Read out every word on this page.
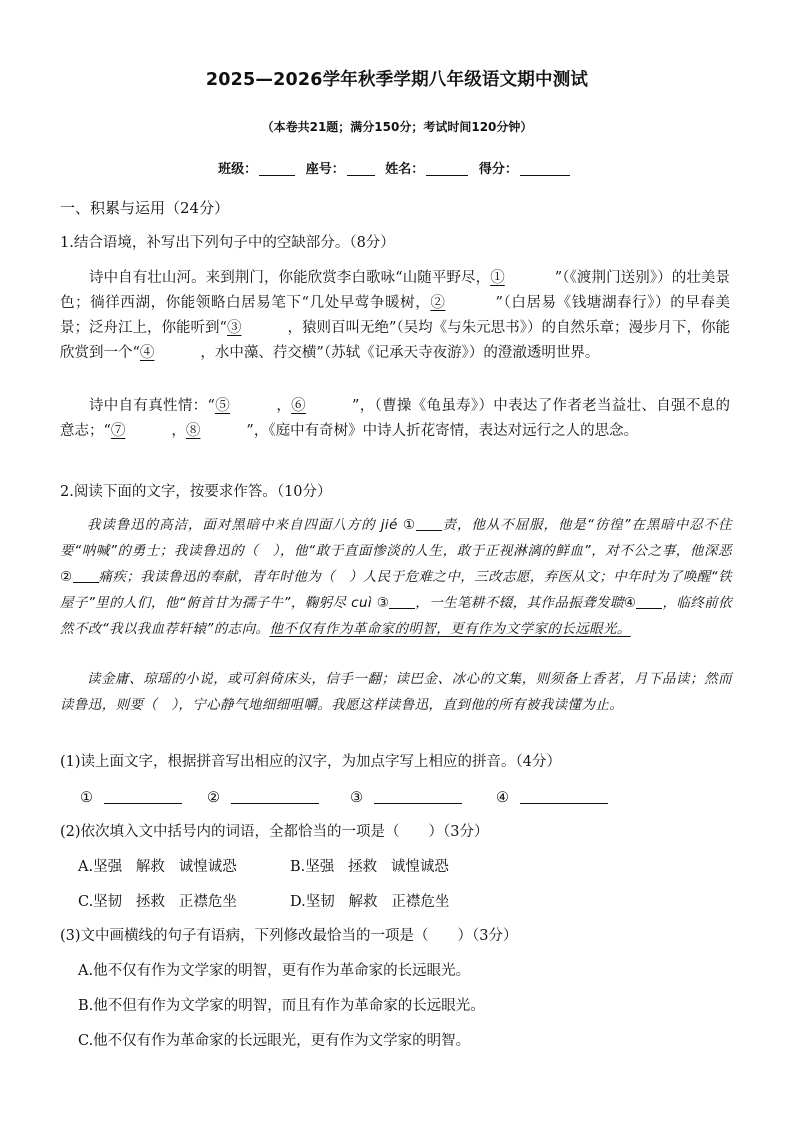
2025—2026学年秋季学期八年级语文期中测试
（本卷共21题；满分150分；考试时间120分钟）
班级：	座号：	姓名：	得分：
一、积累与运用（24分）
1.结合语境，补写出下列句子中的空缺部分。（8分）
诗中自有壮山河。来到荆门，你能欣赏李白歌咏“山随平野尽，①	”（《渡荆门送别》）的壮美景色；徜徉西湖，你能领略白居易笔下“几处早莺争暖树，②	”（白居易《钱塘湖春行》）的早春美景；泛舟江上，你能听到“③	，猿则百叫无绝”（吴均《与朱元思书》）的自然乐章；漫步月下，你能欣赏到一个“④	，水中藻、荇交横”（苏轼《记承天寺夜游》）的澄澈透明世界。
诗中自有真性情：“⑤	，⑥	”，（曹操《龟虽寿》）中表达了作者老当益壮、自强不息的意志；“⑦	，⑧	”，《庭中有奇树》中诗人折花寄情，表达对远行之人的思念。
2.阅读下面的文字，按要求作答。（10分）
我读鲁迅的高洁，面对黑暗中来自四面八方的 jié ① 责，他从不屈服，他是“彷徨”在黑暗中忍不住要“呐喊”的勇士；我读鲁迅的（　），他“敢于直面惨淡的人生，敢于正视淋漓的鲜血”，对不公之事，他深恶② 痛疾；我读鲁迅的奉献，青年时他为（　）人民于危难之中，三改志愿，弃医从文；中年时为了唤醒“铁屋子”里的人们，他“俯首甘为孺子牛”，鞠躬尽 cuì ③ ，一生笔耕不辍，其作品振聋发聩④ ，临终前依然不改“我以我血荐轩辕”的志向。他不仅有作为革命家的明智，更有作为文学家的长远眼光。
读金庸、琼瑶的小说，或可斜倚床头，信手一翻；读巴金、冰心的文集，则须备上香茗，月下品读；然而读鲁迅，则要（　），宁心静气地细细咀嚼。我愿这样读鲁迅，直到他的所有被我读懂为止。
(1)读上面文字，根据拼音写出相应的汉字，为加点字写上相应的拼音。（4分）
①	②	③	④
(2)依次填入文中括号内的词语，全都恰当的一项是（　　）（3分）
A.坚强 解救 诚惶诚恐	B.坚强 拯救 诚惶诚恐
C.坚韧 拯救 正襟危坐	D.坚韧 解救 正襟危坐
(3)文中画横线的句子有语病，下列修改最恰当的一项是（　　）（3分）
A.他不仅有作为文学家的明智，更有作为革命家的长远眼光。
B.他不但有作为文学家的明智，而且有作为革命家的长远眼光。
C.他不仅有作为革命家的长远眼光，更有作为文学家的明智。
